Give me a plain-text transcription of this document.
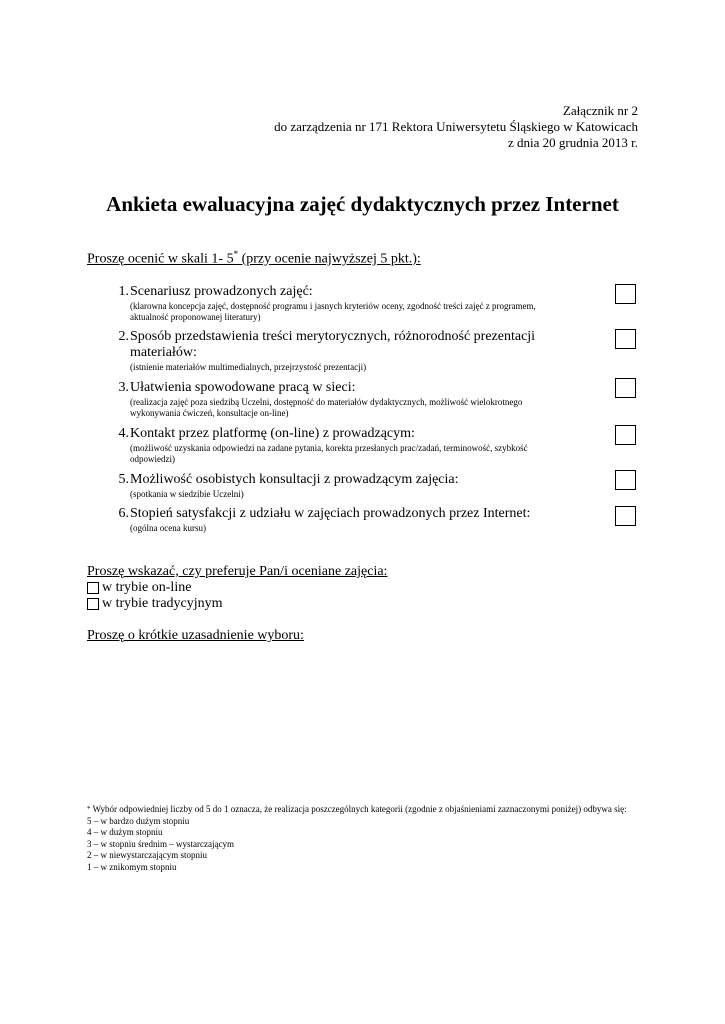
Załącznik nr 2
do zarządzenia nr 171 Rektora Uniwersytetu Śląskiego w Katowicach
z dnia 20 grudnia 2013 r.
Ankieta ewaluacyjna zajęć dydaktycznych przez Internet
Proszę ocenić w skali 1- 5* (przy ocenie najwyższej 5 pkt.):
1. Scenariusz prowadzonych zajęć:
(klarowna koncepcja zajęć, dostępność programu i jasnych kryteriów oceny, zgodność treści zajęć z programem, aktualność proponowanej literatury)
2. Sposób przedstawienia treści merytorycznych, różnorodność prezentacji materiałów:
(istnienie materiałów multimedialnych, przejrzystość prezentacji)
3. Ułatwienia spowodowane pracą w sieci:
(realizacja zajęć poza siedzibą Uczelni, dostępność do materiałów dydaktycznych, możliwość wielokrotnego wykonywania ćwiczeń, konsultacje on-line)
4. Kontakt przez platformę (on-line) z prowadzącym:
(możliwość uzyskania odpowiedzi na zadane pytania, korekta przesłanych prac/zadań, terminowość, szybkość odpowiedzi)
5. Możliwość osobistych konsultacji z prowadzącym zajęcia:
(spotkania w siedzibie Uczelni)
6. Stopień satysfakcji z udziału w zajęciach prowadzonych przez Internet:
(ogólna ocena kursu)
Proszę wskazać, czy preferuje Pan/i oceniane zajęcia:
w trybie on-line
w trybie tradycyjnym
Proszę o krótkie uzasadnienie wyboru:
* Wybór odpowiedniej liczby od 5 do 1 oznacza, że realizacja poszczególnych kategorii (zgodnie z objaśnieniami zaznaczonymi poniżej) odbywa się:
5 – w bardzo dużym stopniu
4 – w dużym stopniu
3 – w stopniu średnim – wystarczającym
2 – w niewystarczającym stopniu
1 – w znikomym stopniu
